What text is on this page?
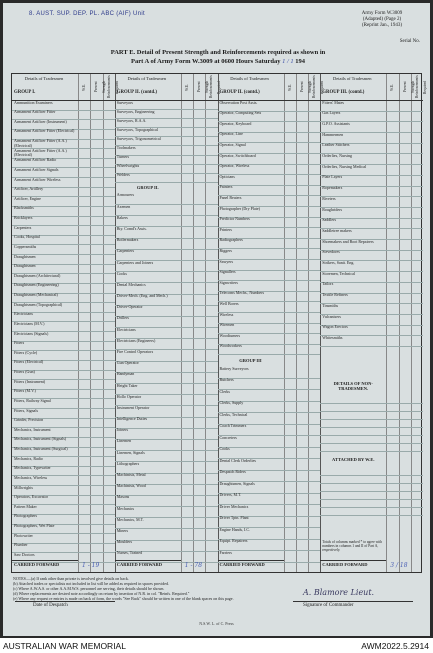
8. AUST. SUP. DEP. PL. ABC (AIF) Unit	Army Form W.3009
(Adapted) (Page 2)
(Reprint Jan., 1943)
Serial No.
PART E. Detail of Present Strength and Reinforcements required as shown in
Part A of Army Form W.3009 at 0600 Hours Saturday 1 / 1 194
Details of Tradesmen
GROUP I.
W.E.	Present Strength Reinforcements Required
Details of Tradesmen
GROUP II. (contd.)
W.E.	Present Strength Reinforcements Required
Details of Tradesmen
GROUP II. (contd.)
W.E.	Present Strength Reinforcements Required
Details of Tradesmen
GROUP III. (contd.)
W.E.	Present Strength Reinforcements Required
Ammunition Examiners
Armament Artificer Fitter
Armament Artificer (Instrument)
Armament Artificer Fitter (Electrical)
Armament Artificer Fitter (A.A.) (Electrical)
Armament Artificer Fitter (A.A.) (Electrical)
Armament Artificer Radio
Armament Artificer Signals
Armament Artificer Wireless
Artificer, Artillery
Artificer, Engine
Blacksmiths
Bricklayers
Carpenters
Cooks, Hospital
Coppersmiths
Draughtsmen
Draughtsmen
Draughtsmen (Architectural)
Draughtsmen (Engineering)
Draughtsmen (Mechanical)
Draughtsmen (Topographical)
Electricians
Electricians (M.V.)
Electricians (Signals)
Fitters
Fitters (Cycle)
Fitters (Electrical)
Fitters (Gun)
Fitters (Instrument)
Fitters (M.V.)
Fitters, Railway Signal
Fitters, Signals
Grinder, Precision
Mechanics, Instrument
Mechanics, Instrument (Signals)
Mechanics, Instrument (Surgical)
Mechanics, Radio
Mechanics, Typewriter
Mechanics, Wireless
Millwrights
Operators, Excavator
Pattern Maker
Photographers
Photographers, Wet Plate
Photowriter
Plumber
Saw Doctors
Surveyors
Surveyors, Engineering
Surveyors, R.A.A.
Surveyors, Topographical
Surveyors, Trigonometrical
Toolmakers
Turners
Wheelwrights
Welders
GROUP II.
Armourers
Axemen
Bakers
Bty. Comd's Assts.
Boilermakers
Carpenters
Carpenters and Joiners
Cooks
Dental Mechanics
Driver-Mech. (Eng. and Mech.)
Driver-Operator
Drillers
Electricians
Electricians (Engineers)
Fire Control Operators
Gun Operator
Handyman
Height Taker
Hollo Operator
Instrument Operator
Intelligence Duties
Joiners
Linemen
Linemen, Signals
Lithographers
Machinists, Metal
Machinists, Wood
Masons
Mechanics
Mechanics, M.T.
Miners
Moulders
Nurses, Trained
Observation Post Assts.
Operator, Computing Sets
Operator, Keyboard
Operator, Line
Operator, Signal
Operator, Switchboard
Operator, Wireless
Opticians
Painters
Panel Beaters
Photographer (Dry Plate)
Predictor Numbers
Printers
Radiographers
Riggers
Sawyers
Signallers
Signwriters
Telecoms Mechs., Numbers
Well Borers
Wireless
Wiremen
Woodturners
Woodworkers
GROUP III
Battery Surveyors
Butchers
Clerks
Clerks, Supply
Clerks, Technical
Coach Trimmers
Concreters
Cooks
Dental Clerk Orderlies
Despatch Riders
Draughtsmen, Signals
Drivers, M.T.
Driver Mechanics
Driver Tptn. Plant
Engine Hands, I.C.
Equipt. Repairers
Farriers
Fitters' Mates
Gas Layers
G.P.O. Assistants
Hammermen
Leather Stitchers
Orderlies, Nursing
Orderlies, Nursing Medical
Plate Layers
Ropemakers
Riveters
Roughriders
Saddlers
Saddletree makers
Shoemakers and Boot Repairers
Stevedores
Strikers, Sanit. Eng.
Storemen, Technical
Tailors
Textile Refiners
Tinsmiths
Vulcanisers
Wagon Erectors
Whitesmiths
DETAILS OF NON-TRADESMEN.
ATTACHED BY W.E.
Totals of columns marked * to agree with numbers in columns 1 and II of Part A, respectively.
CARRIED FORWARD	1 - 19	CARRIED FORWARD	1 - 78	CARRIED FORWARD	CARRIED FORWARD	3 / 18
NOTES.—(a) If rank other than private is involved give details on back.
(b) Attached trades or specialists not included in list will be added as required in spaces provided.
(c) Where A.W.A.S. or other A.A.M.W.S. personnel are serving, their details should be shown.
(d) Where replacements are desired note accordingly on return by insertion of N.R. in col. "Reinfs. Required."
(e) Where any request re entries is made on back of form, the words "See Back" should be written in one of the blank spaces on this page.
Date of Despatch
A. Blamore Lieut.
Signature of Commander
N.S.W. L. of C. Press
AUSTRALIAN WAR MEMORIAL	AWM2022.5.2914
